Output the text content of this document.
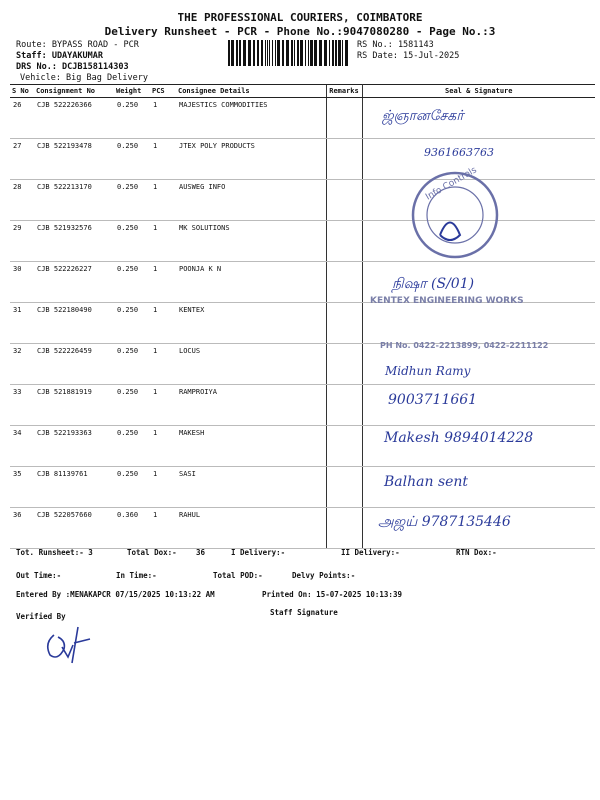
THE PROFESSIONAL COURIERS, COIMBATORE
Delivery Runsheet - PCR - Phone No.:9047080280 - Page No.:3
Route: BYPASS ROAD - PCR
Staff: UDAYAKUMAR
DRS No.: DCJB158114303
Vehicle: Big Bag Delivery
RS No.: 1581143
RS Date: 15-Jul-2025
S No	Consignment No	Weight	PCS	Consignee Details	Remarks	Seal & Signature
26	CJB 522226366	0.250	1	MAJESTICS COMMODITIES		
27	CJB 522193478	0.250	1	JTEX POLY PRODUCTS		
28	CJB 522213170	0.250	1	AUSWEG INFO		
29	CJB 521932576	0.250	1	MK SOLUTIONS		
30	CJB 522226227	0.250	1	POONJA K N		
31	CJB 522180490	0.250	1	KENTEX		
32	CJB 522226459	0.250	1	LOCUS		
33	CJB 521881919	0.250	1	RAMPROIYA		
34	CJB 522193363	0.250	1	MAKESH		
35	CJB 81139761	0.250	1	SASI		
36	CJB 522057660	0.360	1	RAHUL		
ஜ்ஞானசேகர்
9361663763
Info Controls
நிஷா (S/01)
KENTEX ENGINEERING WORKS
PH No. 0422-2213899, 0422-2211122
Midhun Ramy
9003711661
Makesh 9894014228
Balhan sent
அஜய் 9787135446
Tot. Runsheet:- 3	Total Dox:-	36	I Delivery:-	II Delivery:-	RTN Dox:-
Out Time:-	In Time:-	Total POD:-	Delvy Points:-
Entered By :MENAKAPCR 07/15/2025 10:13:22 AM	Printed On: 15-07-2025 10:13:39
Verified By	Staff Signature
